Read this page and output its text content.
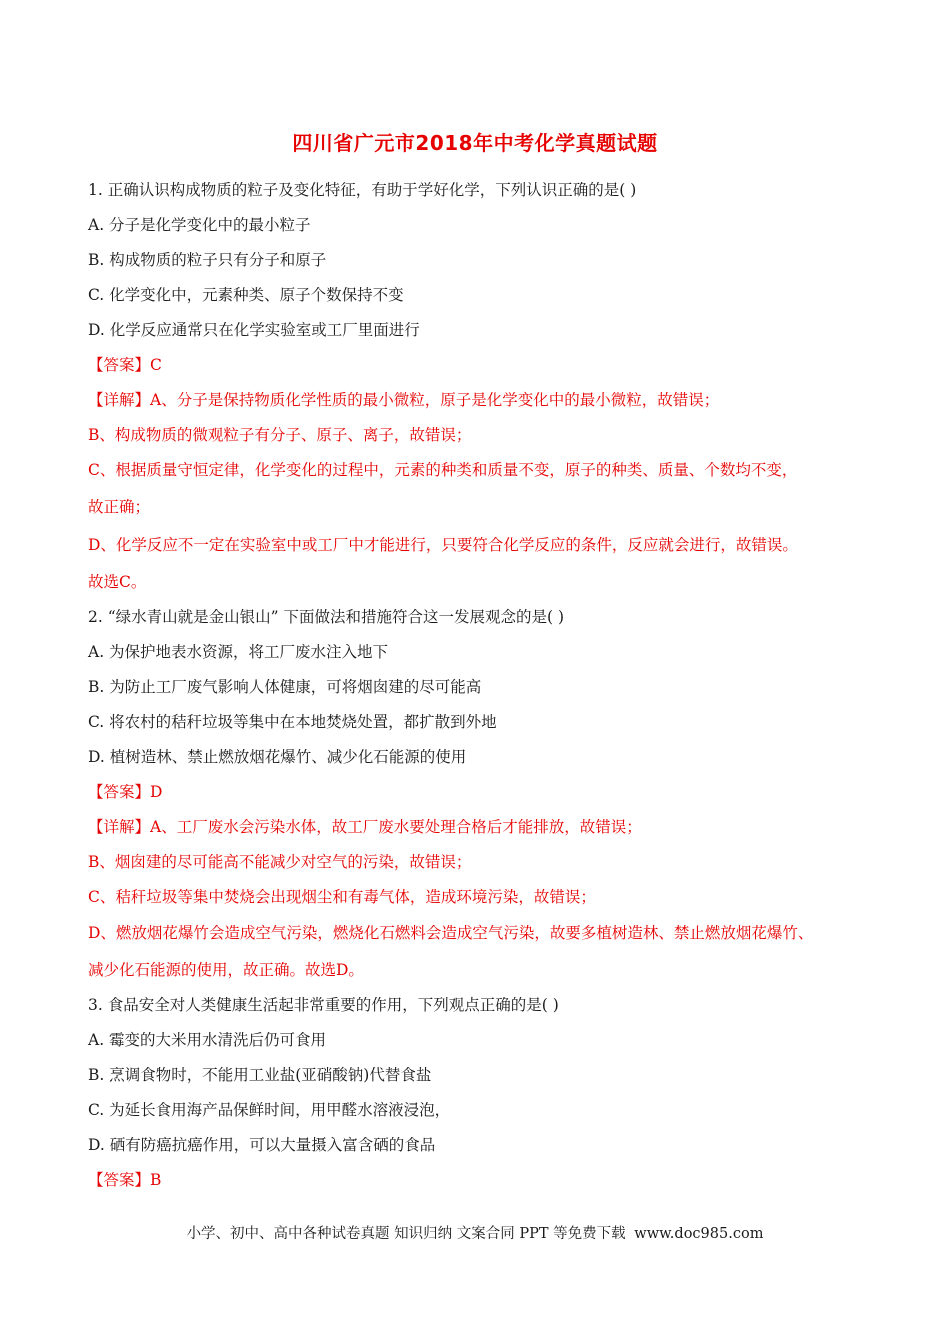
四川省广元市2018年中考化学真题试题
1. 正确认识构成物质的粒子及变化特征，有助于学好化学，下列认识正确的是( )
A. 分子是化学变化中的最小粒子
B. 构成物质的粒子只有分子和原子
C. 化学变化中，元素种类、原子个数保持不变
D. 化学反应通常只在化学实验室或工厂里面进行
【答案】C
【详解】A、分子是保持物质化学性质的最小微粒，原子是化学变化中的最小微粒，故错误；
B、构成物质的微观粒子有分子、原子、离子，故错误；
C、根据质量守恒定律，化学变化的过程中，元素的种类和质量不变，原子的种类、质量、个数均不变，
故正确；
D、化学反应不一定在实验室中或工厂中才能进行，只要符合化学反应的条件，反应就会进行，故错误。
故选C。
2. “绿水青山就是金山银山” 下面做法和措施符合这一发展观念的是( )
A. 为保护地表水资源，将工厂废水注入地下
B. 为防止工厂废气影响人体健康，可将烟囱建的尽可能高
C. 将农村的秸秆垃圾等集中在本地焚烧处置，都扩散到外地
D. 植树造林、禁止燃放烟花爆竹、减少化石能源的使用
【答案】D
【详解】A、工厂废水会污染水体，故工厂废水要处理合格后才能排放，故错误；
B、烟囱建的尽可能高不能减少对空气的污染，故错误；
C、秸秆垃圾等集中焚烧会出现烟尘和有毒气体，造成环境污染，故错误；
D、燃放烟花爆竹会造成空气污染，燃烧化石燃料会造成空气污染，故要多植树造林、禁止燃放烟花爆竹、
减少化石能源的使用，故正确。故选D。
3. 食品安全对人类健康生活起非常重要的作用，下列观点正确的是( )
A. 霉变的大米用水清洗后仍可食用
B. 烹调食物时，不能用工业盐(亚硝酸钠)代替食盐
C. 为延长食用海产品保鲜时间，用甲醛水溶液浸泡，
D. 硒有防癌抗癌作用，可以大量摄入富含硒的食品
【答案】B
小学、初中、高中各种试卷真题 知识归纳 文案合同 PPT 等免费下载 www.doc985.com
